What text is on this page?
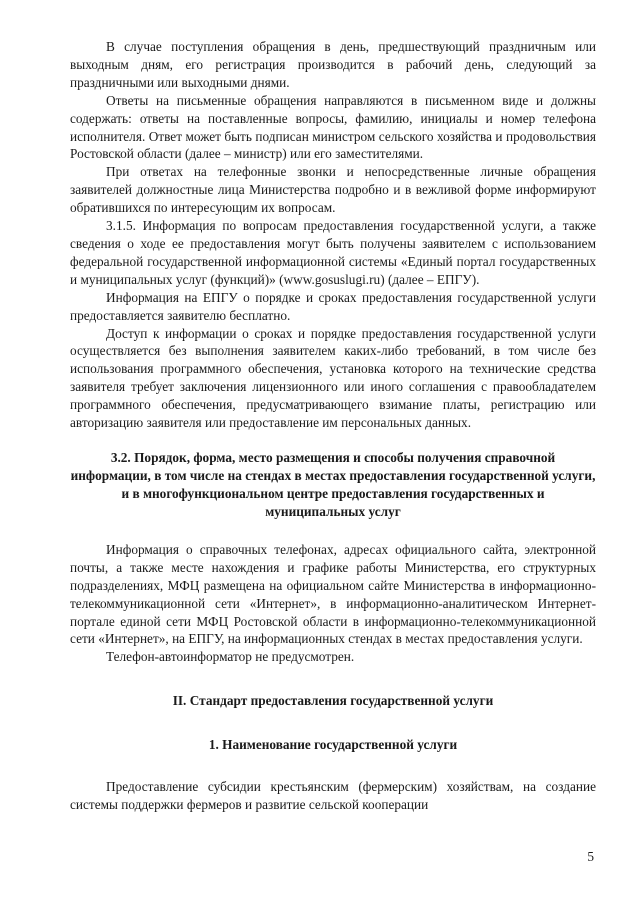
В случае поступления обращения в день, предшествующий праздничным или выходным дням, его регистрация производится в рабочий день, следующий за праздничными или выходными днями.

Ответы на письменные обращения направляются в письменном виде и должны содержать: ответы на поставленные вопросы, фамилию, инициалы и номер телефона исполнителя. Ответ может быть подписан министром сельского хозяйства и продовольствия Ростовской области (далее – министр) или его заместителями.

При ответах на телефонные звонки и непосредственные личные обращения заявителей должностные лица Министерства подробно и в вежливой форме информируют обратившихся по интересующим их вопросам.

3.1.5. Информация по вопросам предоставления государственной услуги, а также сведения о ходе ее предоставления могут быть получены заявителем с использованием федеральной государственной информационной системы «Единый портал государственных и муниципальных услуг (функций)» (www.gosuslugi.ru) (далее – ЕПГУ).

Информация на ЕПГУ о порядке и сроках предоставления государственной услуги предоставляется заявителю бесплатно.

Доступ к информации о сроках и порядке предоставления государственной услуги осуществляется без выполнения заявителем каких-либо требований, в том числе без использования программного обеспечения, установка которого на технические средства заявителя требует заключения лицензионного или иного соглашения с правообладателем программного обеспечения, предусматривающего взимание платы, регистрацию или авторизацию заявителя или предоставление им персональных данных.

3.2. Порядок, форма, место размещения и способы получения справочной информации, в том числе на стендах в местах предоставления государственной услуги, и в многофункциональном центре предоставления государственных и муниципальных услуг

Информация о справочных телефонах, адресах официального сайта, электронной почты, а также месте нахождения и графике работы Министерства, его структурных подразделениях, МФЦ размещена на официальном сайте Министерства в информационно-телекоммуникационной сети «Интернет», в информационно-аналитическом Интернет-портале единой сети МФЦ Ростовской области в информационно-телекоммуникационной сети «Интернет», на ЕПГУ, на информационных стендах в местах предоставления услуги.

Телефон-автоинформатор не предусмотрен.

II. Стандарт предоставления государственной услуги

1. Наименование государственной услуги

Предоставление субсидии крестьянским (фермерским) хозяйствам, на создание системы поддержки фермеров и развитие сельской кооперации

5
